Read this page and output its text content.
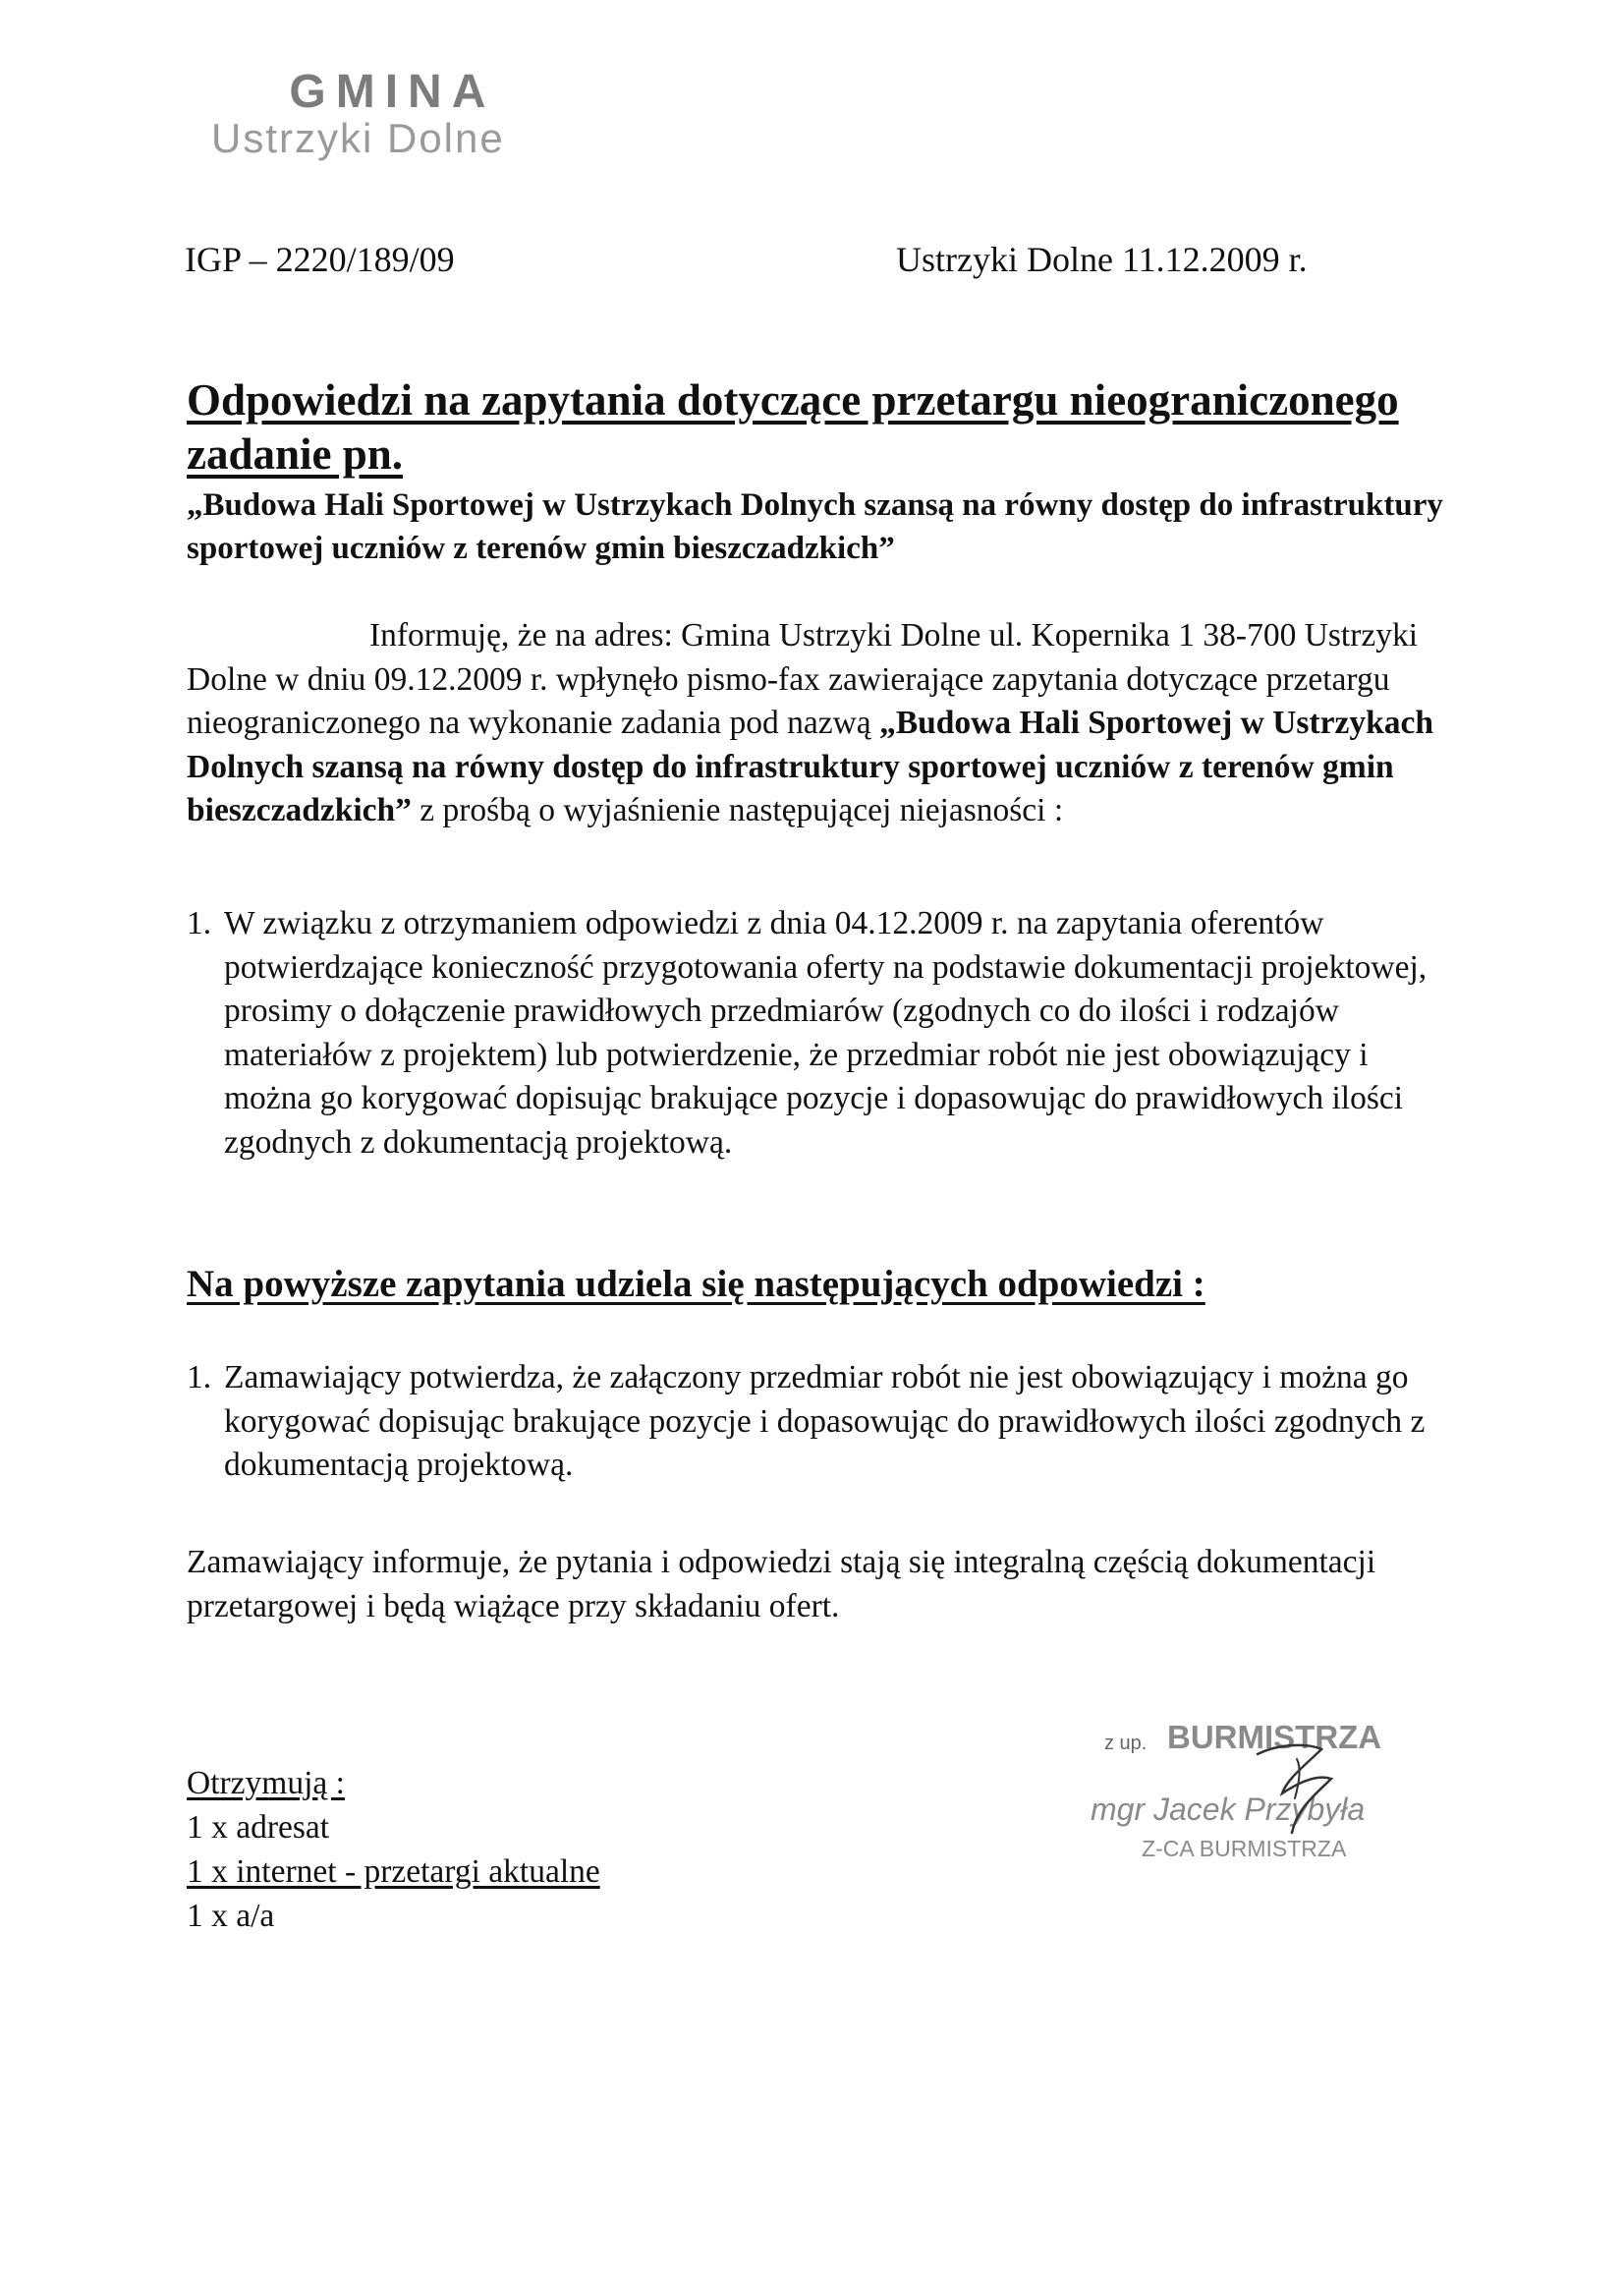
GMINA
Ustrzyki Dolne
IGP – 2220/189/09	Ustrzyki Dolne 11.12.2009 r.
Odpowiedzi na zapytania dotyczące przetargu nieograniczonego zadanie pn.
„Budowa Hali Sportowej w Ustrzykach Dolnych szansą na równy dostęp do infrastruktury sportowej uczniów z terenów gmin bieszczadzkich”
Informuję, że na adres: Gmina Ustrzyki Dolne ul. Kopernika 1 38-700 Ustrzyki Dolne w dniu 09.12.2009 r. wpłynęło pismo-fax zawierające zapytania dotyczące przetargu nieograniczonego na wykonanie zadania pod nazwą „Budowa Hali Sportowej w Ustrzykach Dolnych szansą na równy dostęp do infrastruktury sportowej uczniów z terenów gmin bieszczadzkich” z prośbą o wyjaśnienie następującej niejasności :
1. W związku z otrzymaniem odpowiedzi z dnia 04.12.2009 r. na zapytania oferentów potwierdzające konieczność przygotowania oferty na podstawie dokumentacji projektowej, prosimy o dołączenie prawidłowych przedmiarów (zgodnych co do ilości i rodzajów materiałów z projektem) lub potwierdzenie, że przedmiar robót nie jest obowiązujący i można go korygować dopisując brakujące pozycje i dopasowując do prawidłowych ilości zgodnych z dokumentacją projektową.
Na powyższe zapytania udziela się następujących odpowiedzi :
1. Zamawiający potwierdza, że załączony przedmiar robót nie jest obowiązujący i można go korygować dopisując brakujące pozycje i dopasowując do prawidłowych ilości zgodnych z dokumentacją projektową.
Zamawiający informuje, że pytania i odpowiedzi stają się integralną częścią dokumentacji przetargowej i będą wiążące przy składaniu ofert.
Otrzymują :
1 x adresat
1 x internet - przetargi aktualne
1 x a/a
z up. BURMISTRZA
mgr Jacek Przybyła
Z-CA BURMISTRZA
